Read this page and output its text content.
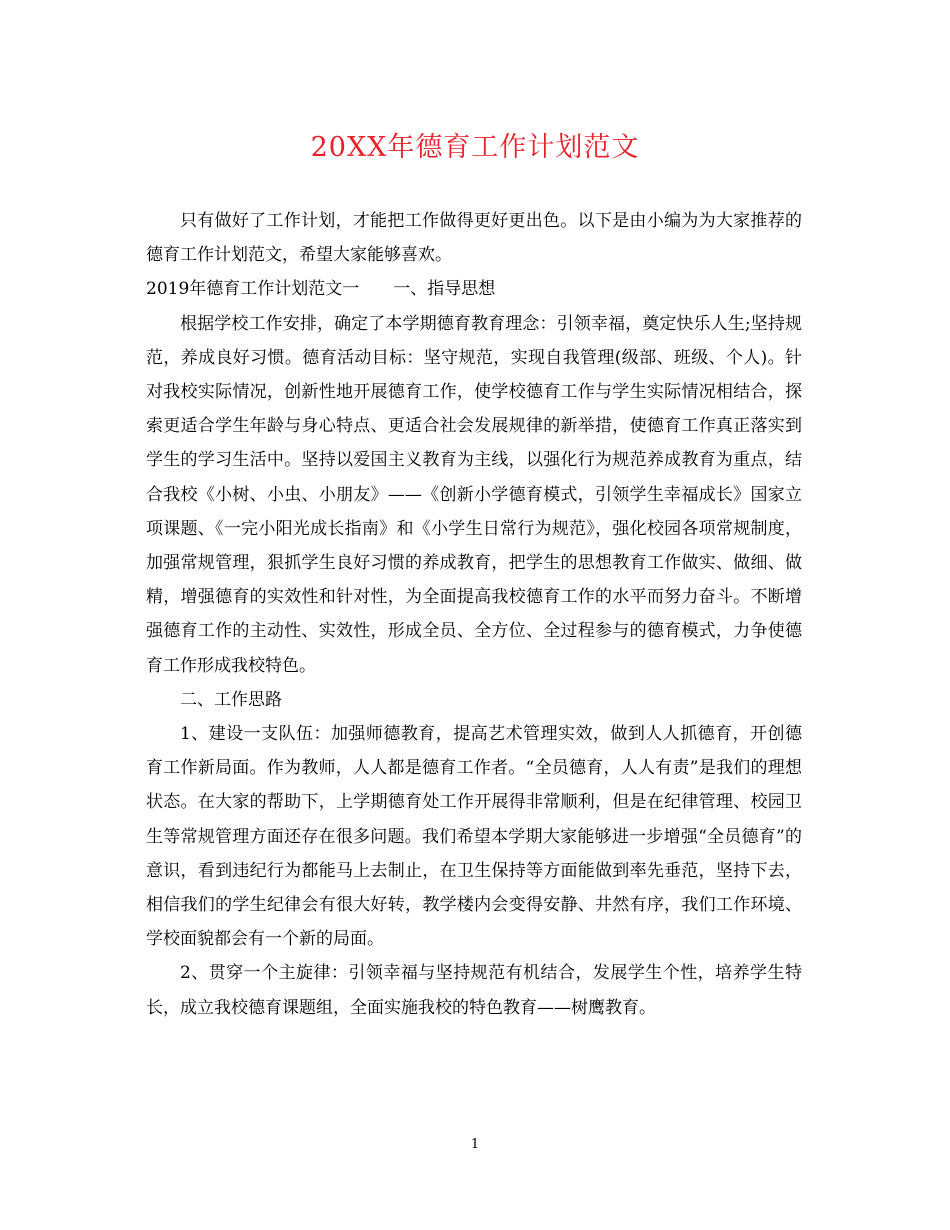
20XX年德育工作计划范文

只有做好了工作计划，才能把工作做得更好更出色。以下是由小编为为大家推荐的德育工作计划范文，希望大家能够喜欢。

2019年德育工作计划范文一　　一、指导思想

根据学校工作安排，确定了本学期德育教育理念：引领幸福，奠定快乐人生;坚持规范，养成良好习惯。德育活动目标：坚守规范，实现自我管理(级部、班级、个人)。针对我校实际情况，创新性地开展德育工作，使学校德育工作与学生实际情况相结合，探索更适合学生年龄与身心特点、更适合社会发展规律的新举措，使德育工作真正落实到学生的学习生活中。坚持以爱国主义教育为主线，以强化行为规范养成教育为重点，结合我校《小树、小虫、小朋友》——《创新小学德育模式，引领学生幸福成长》国家立项课题、《一完小阳光成长指南》和《小学生日常行为规范》，强化校园各项常规制度，加强常规管理，狠抓学生良好习惯的养成教育，把学生的思想教育工作做实、做细、做精，增强德育的实效性和针对性，为全面提高我校德育工作的水平而努力奋斗。不断增强德育工作的主动性、实效性，形成全员、全方位、全过程参与的德育模式，力争使德育工作形成我校特色。

二、工作思路

1、建设一支队伍：加强师德教育，提高艺术管理实效，做到人人抓德育，开创德育工作新局面。作为教师，人人都是德育工作者。“全员德育，人人有责”是我们的理想状态。在大家的帮助下，上学期德育处工作开展得非常顺利，但是在纪律管理、校园卫生等常规管理方面还存在很多问题。我们希望本学期大家能够进一步增强“全员德育”的意识，看到违纪行为都能马上去制止，在卫生保持等方面能做到率先垂范，坚持下去，相信我们的学生纪律会有很大好转，教学楼内会变得安静、井然有序，我们工作环境、学校面貌都会有一个新的局面。

2、贯穿一个主旋律：引领幸福与坚持规范有机结合，发展学生个性，培养学生特长，成立我校德育课题组，全面实施我校的特色教育——树鹰教育。

1
